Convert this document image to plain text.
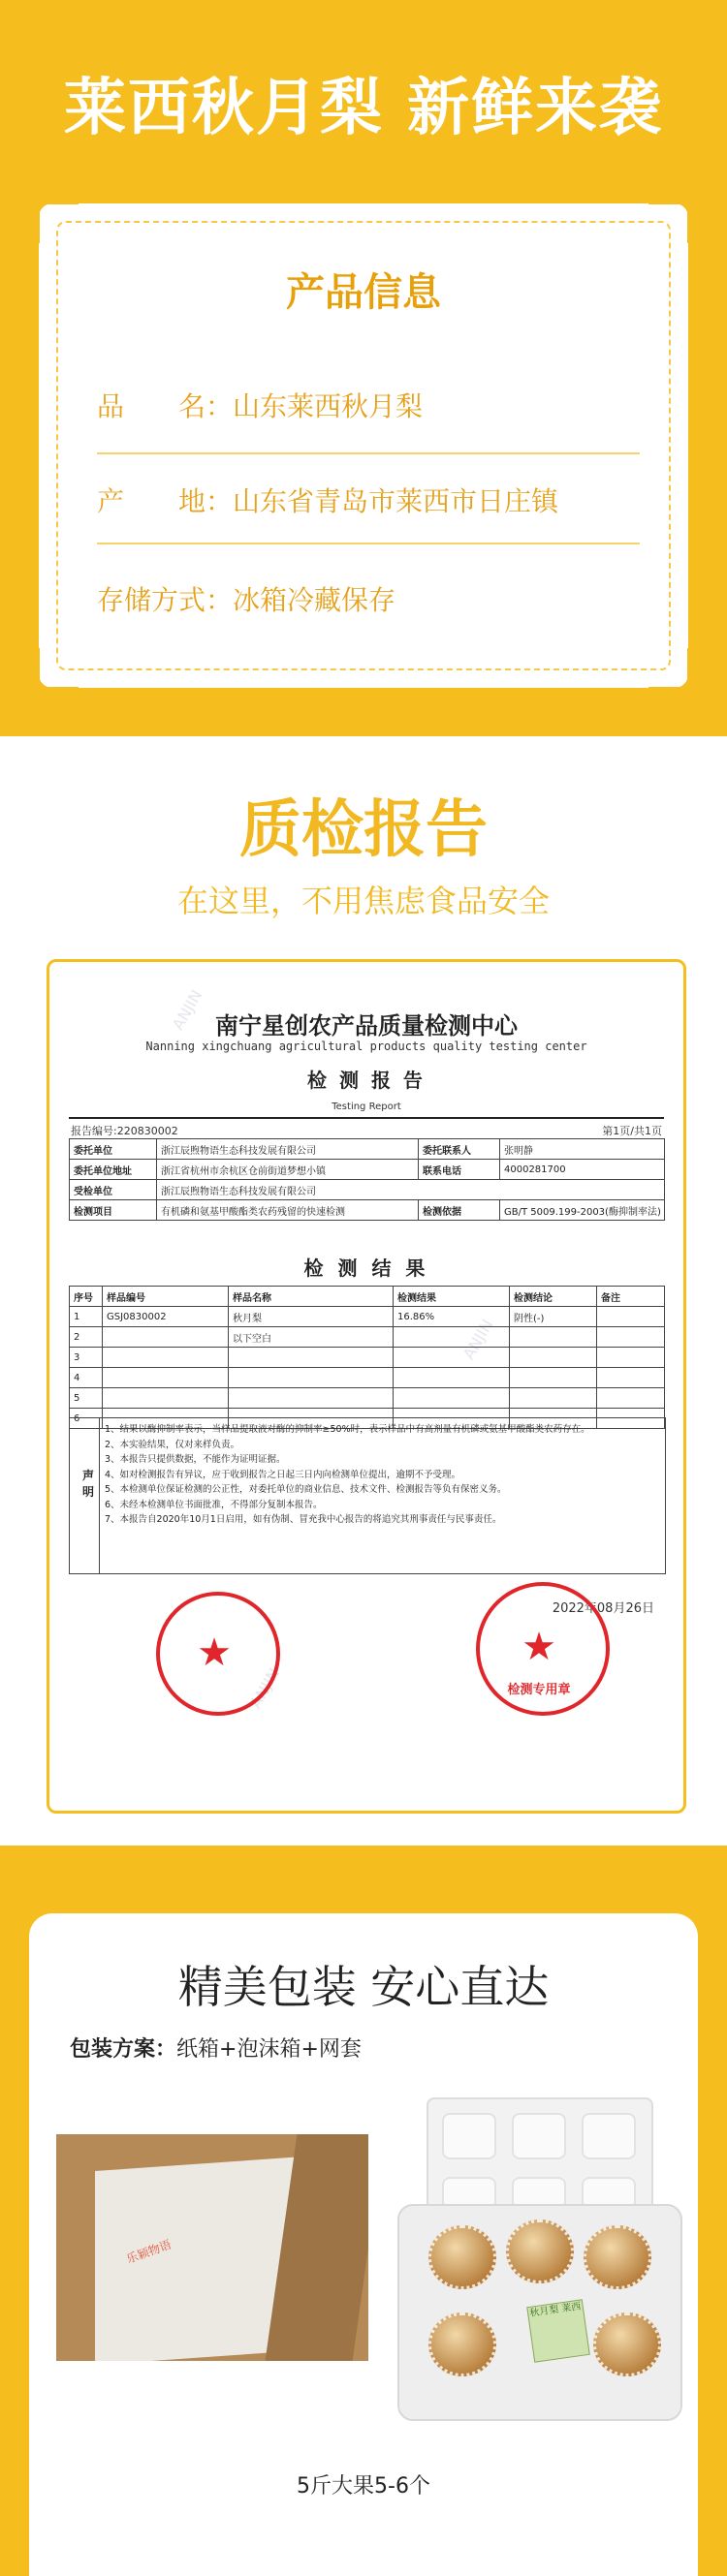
莱西秋月梨 新鲜来袭
产品信息
品　　名：山东莱西秋月梨
产　　地：山东省青岛市莱西市日庄镇
存储方式：冰箱冷藏保存
质检报告
在这里，不用焦虑食品安全
ANJIN
ANJIN
ANJIN
南宁星创农产品质量检测中心
Nanning xingchuang agricultural products quality testing center
检 测 报 告
Testing Report
报告编号:220830002	第1页/共1页
委托单位	浙江辰煦物语生态科技发展有限公司	委托联系人	张明静
委托单位地址	浙江省杭州市余杭区仓前街道梦想小镇	联系电话	4000281700
受检单位	浙江辰煦物语生态科技发展有限公司		
检测项目	有机磷和氨基甲酸酯类农药残留的快速检测	检测依据	GB/T 5009.199-2003(酶抑制率法)
检 测 结 果
序号	样品编号	样品名称	检测结果	检测结论	备注
1	GSJ0830002	秋月梨	16.86%	阴性(-)	
2		以下空白			
3					
4					
5					
6					
声明
1、结果以酶抑制率表示，当样品提取液对酶的抑制率≥50%时，表示样品中有高剂量有机磷或氨基甲酸酯类农药存在。
2、本实验结果，仅对来样负责。
3、本报告只提供数据，不能作为证明证据。
4、如对检测报告有异议，应于收到报告之日起三日内向检测单位提出，逾期不予受理。
5、本检测单位保证检测的公正性，对委托单位的商业信息、技术文件、检测报告等负有保密义务。
6、未经本检测单位书面批准，不得部分复制本报告。
7、本报告自2020年10月1日启用，如有伪制、冒充我中心报告的将追究其刑事责任与民事责任。
2022年08月26日
★	★
检测专用章
精美包装 安心直达
包装方案：纸箱+泡沫箱+网套
乐颖物语
秋月梨 莱西
5斤大果5-6个
